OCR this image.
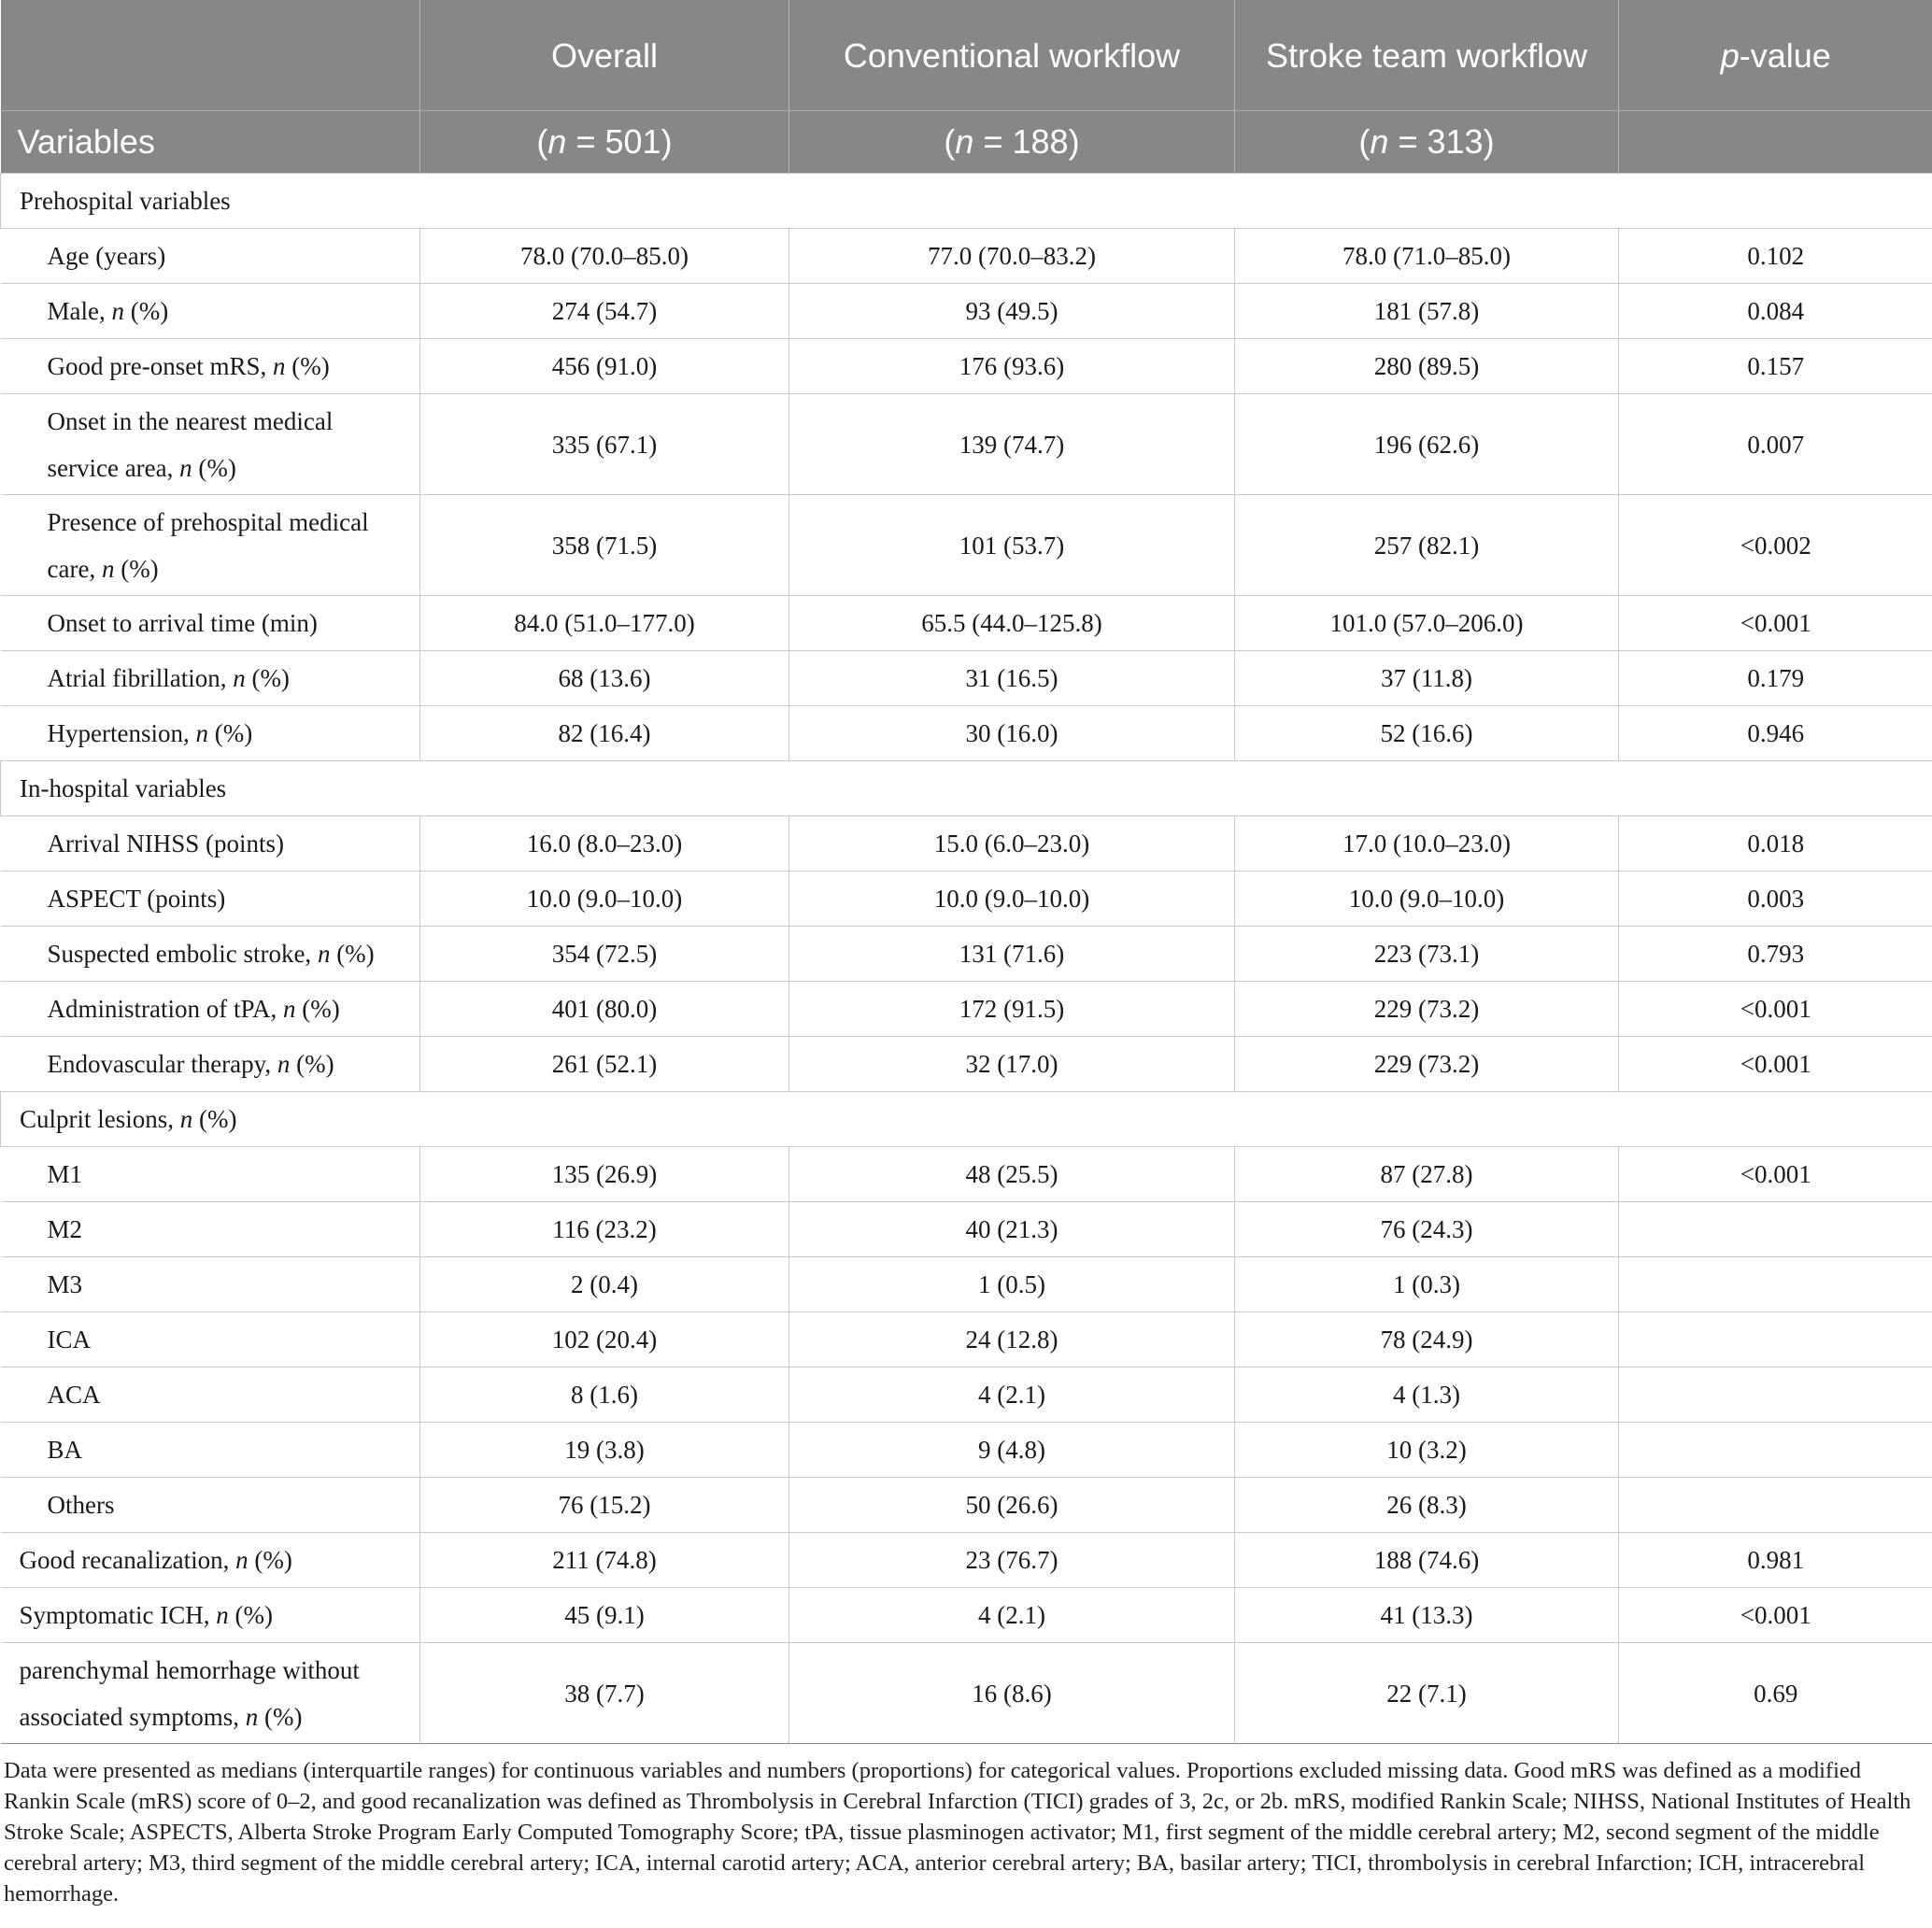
	Overall	Conventional workflow	Stroke team workflow	p-value
Variables	(n = 501)	(n = 188)	(n = 313)	
Prehospital variables				
Age (years)	78.0 (70.0–85.0)	77.0 (70.0–83.2)	78.0 (71.0–85.0)	0.102
Male, n (%)	274 (54.7)	93 (49.5)	181 (57.8)	0.084
Good pre-onset mRS, n (%)	456 (91.0)	176 (93.6)	280 (89.5)	0.157
Onset in the nearest medical service area, n (%)	335 (67.1)	139 (74.7)	196 (62.6)	0.007
Presence of prehospital medical care, n (%)	358 (71.5)	101 (53.7)	257 (82.1)	<0.002
Onset to arrival time (min)	84.0 (51.0–177.0)	65.5 (44.0–125.8)	101.0 (57.0–206.0)	<0.001
Atrial fibrillation, n (%)	68 (13.6)	31 (16.5)	37 (11.8)	0.179
Hypertension, n (%)	82 (16.4)	30 (16.0)	52 (16.6)	0.946
In-hospital variables				
Arrival NIHSS (points)	16.0 (8.0–23.0)	15.0 (6.0–23.0)	17.0 (10.0–23.0)	0.018
ASPECT (points)	10.0 (9.0–10.0)	10.0 (9.0–10.0)	10.0 (9.0–10.0)	0.003
Suspected embolic stroke, n (%)	354 (72.5)	131 (71.6)	223 (73.1)	0.793
Administration of tPA, n (%)	401 (80.0)	172 (91.5)	229 (73.2)	<0.001
Endovascular therapy, n (%)	261 (52.1)	32 (17.0)	229 (73.2)	<0.001
Culprit lesions, n (%)				
M1	135 (26.9)	48 (25.5)	87 (27.8)	<0.001
M2	116 (23.2)	40 (21.3)	76 (24.3)	
M3	2 (0.4)	1 (0.5)	1 (0.3)	
ICA	102 (20.4)	24 (12.8)	78 (24.9)	
ACA	8 (1.6)	4 (2.1)	4 (1.3)	
BA	19 (3.8)	9 (4.8)	10 (3.2)	
Others	76 (15.2)	50 (26.6)	26 (8.3)	
Good recanalization, n (%)	211 (74.8)	23 (76.7)	188 (74.6)	0.981
Symptomatic ICH, n (%)	45 (9.1)	4 (2.1)	41 (13.3)	<0.001
parenchymal hemorrhage without associated symptoms, n (%)	38 (7.7)	16 (8.6)	22 (7.1)	0.69

Data were presented as medians (interquartile ranges) for continuous variables and numbers (proportions) for categorical values. Proportions excluded missing data. Good mRS was defined as a modified Rankin Scale (mRS) score of 0–2, and good recanalization was defined as Thrombolysis in Cerebral Infarction (TICI) grades of 3, 2c, or 2b. mRS, modified Rankin Scale; NIHSS, National Institutes of Health Stroke Scale; ASPECTS, Alberta Stroke Program Early Computed Tomography Score; tPA, tissue plasminogen activator; M1, first segment of the middle cerebral artery; M2, second segment of the middle cerebral artery; M3, third segment of the middle cerebral artery; ICA, internal carotid artery; ACA, anterior cerebral artery; BA, basilar artery; TICI, thrombolysis in cerebral Infarction; ICH, intracerebral hemorrhage.
